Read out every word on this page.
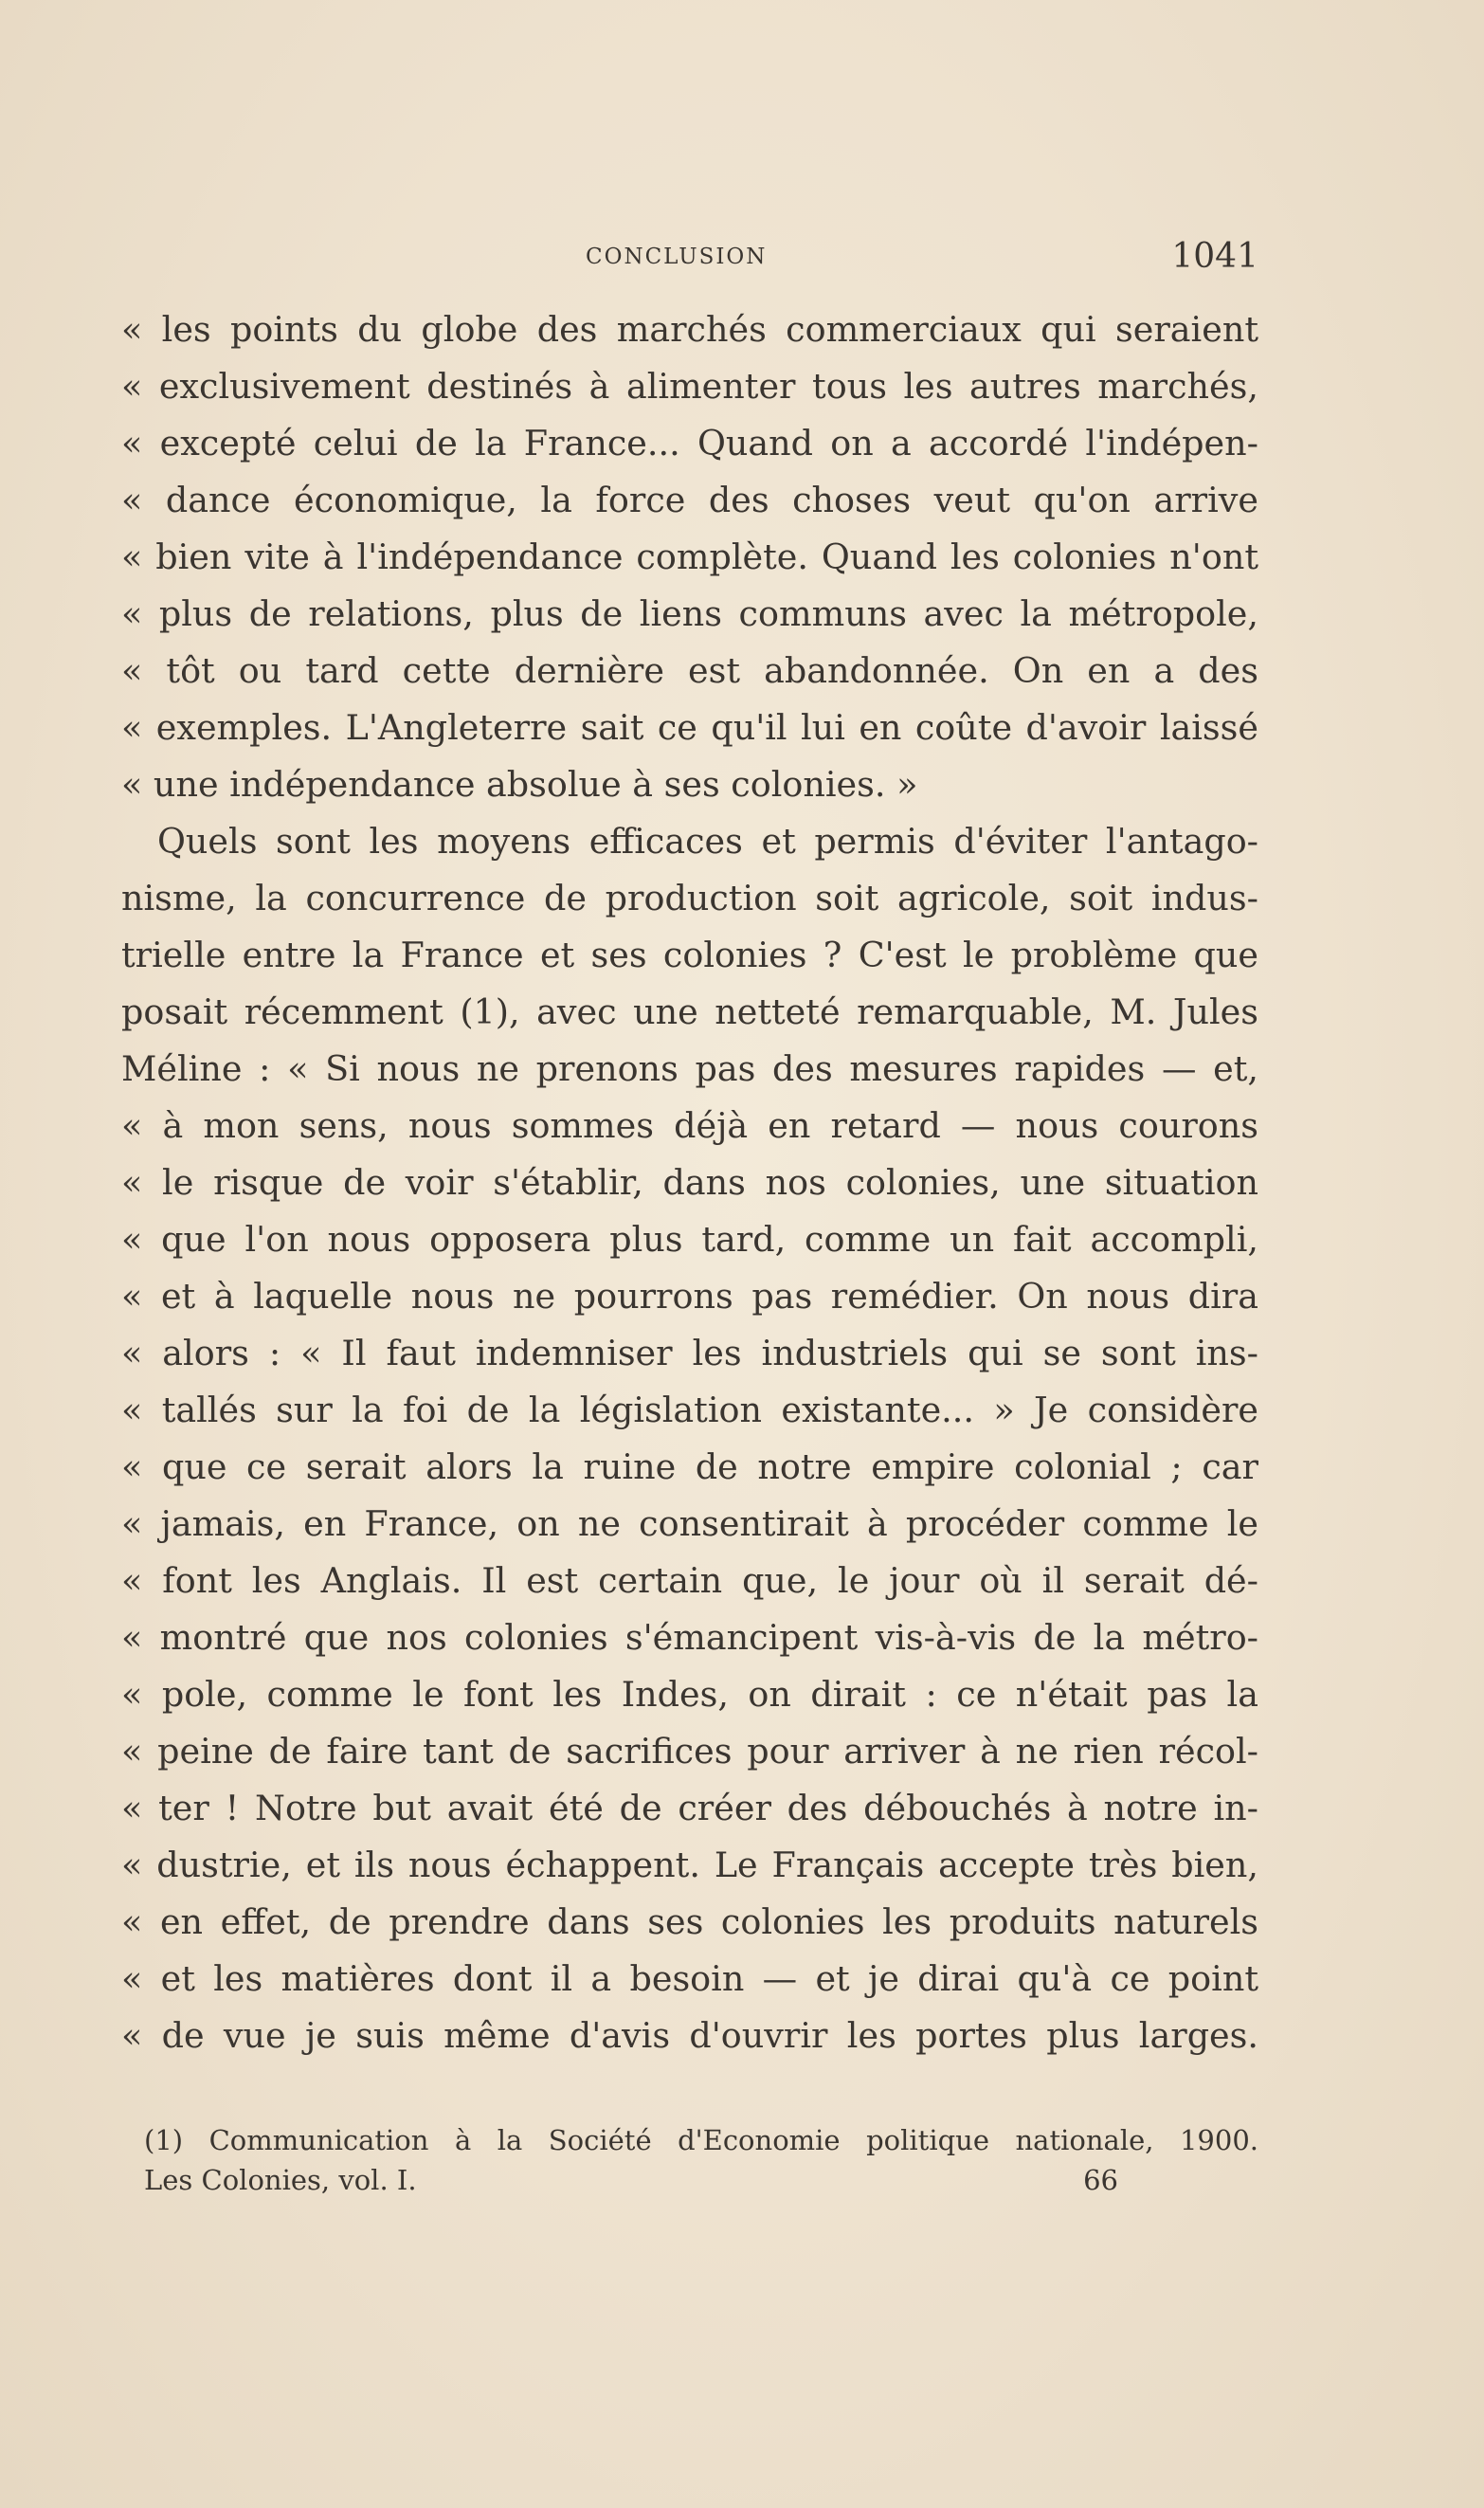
CONCLUSION	1041
« les points du globe des marchés commerciaux qui seraient
« exclusivement destinés à alimenter tous les autres marchés,
« excepté celui de la France... Quand on a accordé l'indépen-
« dance économique, la force des choses veut qu'on arrive
« bien vite à l'indépendance complète. Quand les colonies n'ont
« plus de relations, plus de liens communs avec la métropole,
« tôt ou tard cette dernière est abandonnée. On en a des
« exemples. L'Angleterre sait ce qu'il lui en coûte d'avoir laissé
« une indépendance absolue à ses colonies. »
Quels sont les moyens efficaces et permis d'éviter l'antago-
nisme, la concurrence de production soit agricole, soit indus-
trielle entre la France et ses colonies ? C'est le problème que
posait récemment (1), avec une netteté remarquable, M. Jules
Méline : « Si nous ne prenons pas des mesures rapides — et,
« à mon sens, nous sommes déjà en retard — nous courons
« le risque de voir s'établir, dans nos colonies, une situation
« que l'on nous opposera plus tard, comme un fait accompli,
« et à laquelle nous ne pourrons pas remédier. On nous dira
« alors : « Il faut indemniser les industriels qui se sont ins-
« tallés sur la foi de la législation existante... » Je considère
« que ce serait alors la ruine de notre empire colonial ; car
« jamais, en France, on ne consentirait à procéder comme le
« font les Anglais. Il est certain que, le jour où il serait dé-
« montré que nos colonies s'émancipent vis-à-vis de la métro-
« pole, comme le font les Indes, on dirait : ce n'était pas la
« peine de faire tant de sacrifices pour arriver à ne rien récol-
« ter ! Notre but avait été de créer des débouchés à notre in-
« dustrie, et ils nous échappent. Le Français accepte très bien,
« en effet, de prendre dans ses colonies les produits naturels
« et les matières dont il a besoin — et je dirai qu'à ce point
« de vue je suis même d'avis d'ouvrir les portes plus larges.
(1) Communication à la Société d'Economie politique nationale, 1900.
Les Colonies, vol. I.	66
